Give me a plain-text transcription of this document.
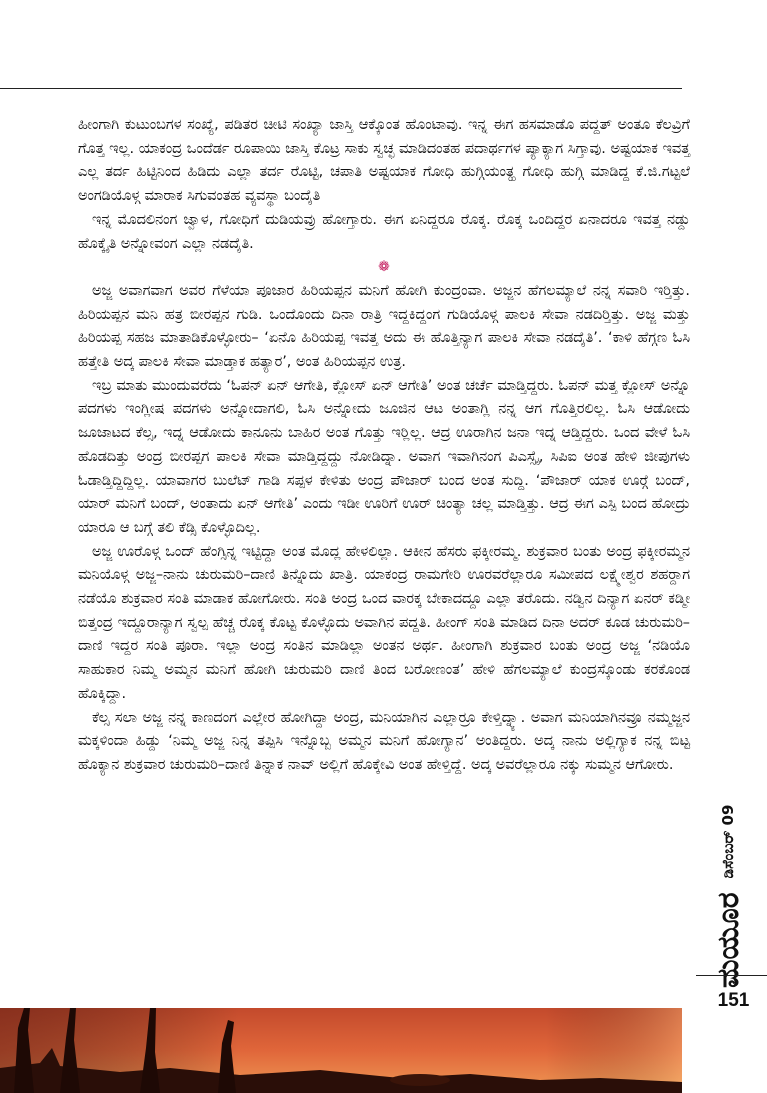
ಹೀಂಗಾಗಿ ಕುಟುಂಬಗಳ ಸಂಖ್ಯೆ, ಪಡಿತರ ಚೀಟಿ ಸಂಖ್ಯಾ ಜಾಸ್ತಿ ಆಕ್ಕೊಂತ ಹೊಂಟಾವು. ಇನ್ನ ಈಗ ಹಸಮಾಡೊ ಪದ್ದತ್ ಅಂತೂ ಕೆಲವ್ರಿಗೆ ಗೊತ್ತ ಇಲ್ಲ. ಯಾಕಂದ್ರ ಒಂದೆರ್ಡ ರೂಪಾಯಿ ಜಾಸ್ತಿ ಕೊಟ್ರ ಸಾಕು ಸ್ವಚ್ಛ ಮಾಡಿದಂತಹ ಪದಾರ್ಥಗಳ ಪ್ಯಾಕ್ಯಾಗ ಸಿಗ್ತಾವು. ಅಷ್ಟಯಾಕ ಇವತ್ತ ಎಲ್ಲ ತರ್ದ ಹಿಟ್ಟಿನಿಂದ ಹಿಡಿದು ಎಲ್ಲಾ ತರ್ದ ರೊಟ್ಟಿ, ಚಪಾತಿ ಅಷ್ಟಯಾಕ ಗೋಧಿ ಹುಗ್ಗಿಯಂತ್ಹ ಗೋಧಿ ಹುಗ್ಗಿ ಮಾಡಿದ್ದ ಕೆ.ಜಿ.ಗಟ್ಟಲೆ ಅಂಗಡಿಯೊಳ್ಗ ಮಾರಾಕ ಸಿಗುವಂತಹ ವ್ಯವಸ್ಥಾ ಬಂದೈತಿ

ಇನ್ನ ಮೊದಲಿನಂಗ ಜ್ವಾಳ, ಗೋಧಿಗೆ ದುಡಿಯವ್ರು ಹೋಗ್ತಾರು. ಈಗ ಏನಿದ್ದರೂ ರೊಕ್ಕ. ರೊಕ್ಕ ಒಂದಿದ್ದರ ಏನಾದರೂ ಇವತ್ತ ನಡ್ದು ಹೊಕ್ಕೈತಿ ಅನ್ನೋವಂಗ ಎಲ್ಲಾ ನಡದೈತಿ.

❁

ಅಜ್ಜ ಅವಾಗವಾಗ ಅವರ ಗೆಳೆಯಾ ಪೂಜಾರ ಹಿರಿಯಪ್ಪನ ಮನಿಗೆ ಹೋಗಿ ಕುಂದ್ರಂವಾ. ಅಜ್ಜನ ಹೆಗಲಮ್ಯಾಲೆ ನನ್ನ ಸವಾರಿ ಇರ್‍ತಿತ್ತು. ಹಿರಿಯಪ್ಪನ ಮನಿ ಹತ್ರ ಬೀರಪ್ಪನ ಗುಡಿ. ಒಂದೊಂದು ದಿನಾ ರಾತ್ರಿ ಇದ್ದಕಿದ್ದಂಗ ಗುಡಿಯೊಳ್ಗ ಪಾಲಕಿ ಸೇವಾ ನಡದಿರ್‍ತಿತ್ತು. ಅಜ್ಜ ಮತ್ತು ಹಿರಿಯಪ್ಪ ಸಹಜ ಮಾತಾಡಿಕೊಳ್ಳೋರು– ‘ಏನೊ ಹಿರಿಯಪ್ಪ ಇವತ್ತ ಅದು ಈ ಹೊತ್ತಿನ್ಯಾಗ ಪಾಲಕಿ ಸೇವಾ ನಡದೈತಿ’. ‘ಕಾಳಿ ಹೆಗ್ಗಣ ಓಸಿ ಹತ್ತೇತಿ ಅದ್ಕ ಪಾಲಕಿ ಸೇವಾ ಮಾಡ್ತಾಕ ಹತ್ಯಾರ’, ಅಂತ ಹಿರಿಯಪ್ಪನ ಉತ್ರ.

ಇಬ್ರ ಮಾತು ಮುಂದುವರೆದು ‘ಓಪನ್ ಏನ್ ಆಗೇತಿ, ಕ್ಲೋಸ್ ಏನ್ ಆಗೇತಿ’ ಅಂತ ಚರ್ಚೆ ಮಾಡ್ತಿದ್ದರು. ಓಪನ್ ಮತ್ತ ಕ್ಲೋಸ್ ಅನ್ನೊ ಪದಗಳು ಇಂಗ್ಲೀಷ ಪದಗಳು ಅನ್ನೋದಾಗಲಿ, ಓಸಿ ಅನ್ನೋದು ಜೂಜಿನ ಆಟ ಅಂತಾಗ್ಲಿ ನನ್ನ ಆಗ ಗೊತ್ತಿರಲಿಲ್ಲ. ಓಸಿ ಆಡೋದು ಜೂಜಾಟದ ಕೆಲ್ಸ, ಇದ್ನ ಆಡೋದು ಕಾನೂನು ಬಾಹಿರ ಅಂತ ಗೊತ್ತು ಇರ್‍ಲಿಲ್ಲ. ಆದ್ರ ಊರಾಗಿನ ಜನಾ ಇದ್ನ ಆಡ್ತಿದ್ದರು. ಒಂದ ವೇಳೆ ಓಸಿ ಹೊಡದಿತ್ತು ಅಂದ್ರ ಬೀರಪ್ಪಗ ಪಾಲಕಿ ಸೇವಾ ಮಾಡ್ತಿದ್ದದ್ದು ನೋಡಿದ್ನಾ. ಅವಾಗ ಇವಾಗಿನಂಗ ಪಿಎಸ್ಸೈ, ಸಿಪಿಐ ಅಂತ ಹೇಳಿ ಜೀಪುಗಳು ಓಡಾಡ್ತಿದ್ದಿದ್ದಿಲ್ಲ. ಯಾವಾಗರ ಬುಲೆಟ್ ಗಾಡಿ ಸಪ್ಪಳ ಕೇಳಿತು ಅಂದ್ರ ಪೌಜಾರ್ ಬಂದ ಅಂತ ಸುದ್ದಿ. ‘ಪೌಜಾರ್ ಯಾಕ ಊರ್‍ಗೆ ಬಂದ್, ಯಾರ್ ಮನಿಗೆ ಬಂದ್, ಅಂತಾದು ಏನ್ ಆಗೇತಿ’ ಎಂದು ಇಡೀ ಊರಿಗೆ ಊರ್ ಚಿಂತ್ಯಾ ಚಲ್ಲ ಮಾಡ್ತಿತ್ತು. ಆದ್ರ ಈಗ ಎಸ್ಪಿ ಬಂದ ಹೋದ್ರು ಯಾರೂ ಆ ಬಗ್ಗೆ ತಲಿ ಕೆಡ್ಸಿ ಕೊಳ್ಳೊದಿಲ್ಲ.

ಅಜ್ಜ ಊರೊಳ್ಗ ಒಂದ್ ಹೆಂಗ್ಸಿನ್ನ ಇಟ್ಟಿದ್ದಾ ಅಂತ ಮೊದ್ಲ ಹೇಳಲಿಲ್ಲಾ. ಆಕೀನ ಹೆಸರು ಫಕ್ಕೀರಮ್ಮ. ಶುಕ್ರವಾರ ಬಂತು ಅಂದ್ರ ಫಕ್ಕೀರಮ್ಮನ ಮನಿಯೊಳ್ಗ ಅಜ್ಜ–ನಾನು ಚುರುಮರಿ–ದಾಣಿ ತಿನ್ನೊದು ಖಾತ್ರಿ. ಯಾಕಂದ್ರ ರಾಮಗೇರಿ ಊರವರೆಲ್ಲಾರೂ ಸಮೀಪದ ಲಕ್ಷ್ಮೇಶ್ವರ ಶಹರ್‍ದಾಗ ನಡೆಯೊ ಶುಕ್ರವಾರ ಸಂತಿ ಮಾಡಾಕ ಹೋಗೋರು. ಸಂತಿ ಅಂದ್ರ ಒಂದ ವಾರಕ್ಕ ಬೇಕಾದದ್ದೂ ಎಲ್ಲಾ ತರೊದು. ನಡ್ವಿನ ದಿನ್ಯಾಗ ಏನರ್ ಕಡ್ಮೀ ಬಿತ್ತಂದ್ರ ಇದ್ದೂರಾನ್ಯಾಗ ಸ್ವಲ್ಪ ಹೆಚ್ಚ ರೊಕ್ಕ ಕೊಟ್ಟ ಕೊಳ್ಳೊದು ಅವಾಗಿನ ಪದ್ದತಿ. ಹೀಂಗ್ ಸಂತಿ ಮಾಡಿದ ದಿನಾ ಅದರ್ ಕೂಡ ಚುರುಮರಿ–ದಾಣಿ ಇದ್ದರ ಸಂತಿ ಪೂರಾ. ಇಲ್ಲಾ ಅಂದ್ರ ಸಂತಿನ ಮಾಡಿಲ್ಲಾ ಅಂತನ ಅರ್ಥ. ಹೀಂಗಾಗಿ ಶುಕ್ರವಾರ ಬಂತು ಅಂದ್ರ ಅಜ್ಜ ‘ನಡಿಯೊ ಸಾಹುಕಾರ ನಿಮ್ಮ ಅಮ್ಮನ ಮನಿಗೆ ಹೋಗಿ ಚುರುಮರಿ ದಾಣಿ ತಿಂದ ಬರೋಣಂತ’ ಹೇಳಿ ಹೆಗಲಮ್ಯಾಲೆ ಕುಂದ್ರಸ್ಕೊಂಡು ಕರಕೊಂಡ ಹೊಕ್ಕಿದ್ದಾ.

ಕೆಲ್ಸ ಸಲಾ ಅಜ್ಜ ನನ್ನ ಕಾಣದಂಗ ಎಲ್ಲೇರ ಹೋಗಿದ್ದಾ ಅಂದ್ರ, ಮನಿಯಾಗಿನ ಎಲ್ಲಾರ್‍ರೂ ಕೇಳ್ತಿದ್ನ್ಯಾ. ಅವಾಗ ಮನಿಯಾಗಿನವ್ರೂ ನಮ್ಮಜ್ಜನ ಮಕ್ಕಳಿಂದಾ ಹಿಡ್ದು ‘ನಿಮ್ಮ ಅಜ್ಜ ನಿನ್ನ ತಪ್ಪಿಸಿ ಇನ್ನೊಬ್ಬ ಅಮ್ಮನ ಮನಿಗೆ ಹೋಗ್ಯಾನ’ ಅಂತಿದ್ದರು. ಅದ್ಕ ನಾನು ಅಲ್ಲಿಗ್ಯಾಕ ನನ್ನ ಬಿಟ್ಟ ಹೊಕ್ಯಾನ ಶುಕ್ರವಾರ ಚುರುಮರಿ–ದಾಣಿ ತಿನ್ನಾಕ ನಾವ್ ಅಲ್ಲಿಗೆ ಹೊಕ್ಕೇವಿ ಅಂತ ಹೇಳ್ತಿದ್ದೆ. ಅದ್ಕ ಅವರೆಲ್ಲಾರೂ ನಕ್ಕು ಸುಮ್ಮನ ಆಗೋರು.

ಮಯೂರ
ಡಿಸೆಂಬರ್ 09
151
